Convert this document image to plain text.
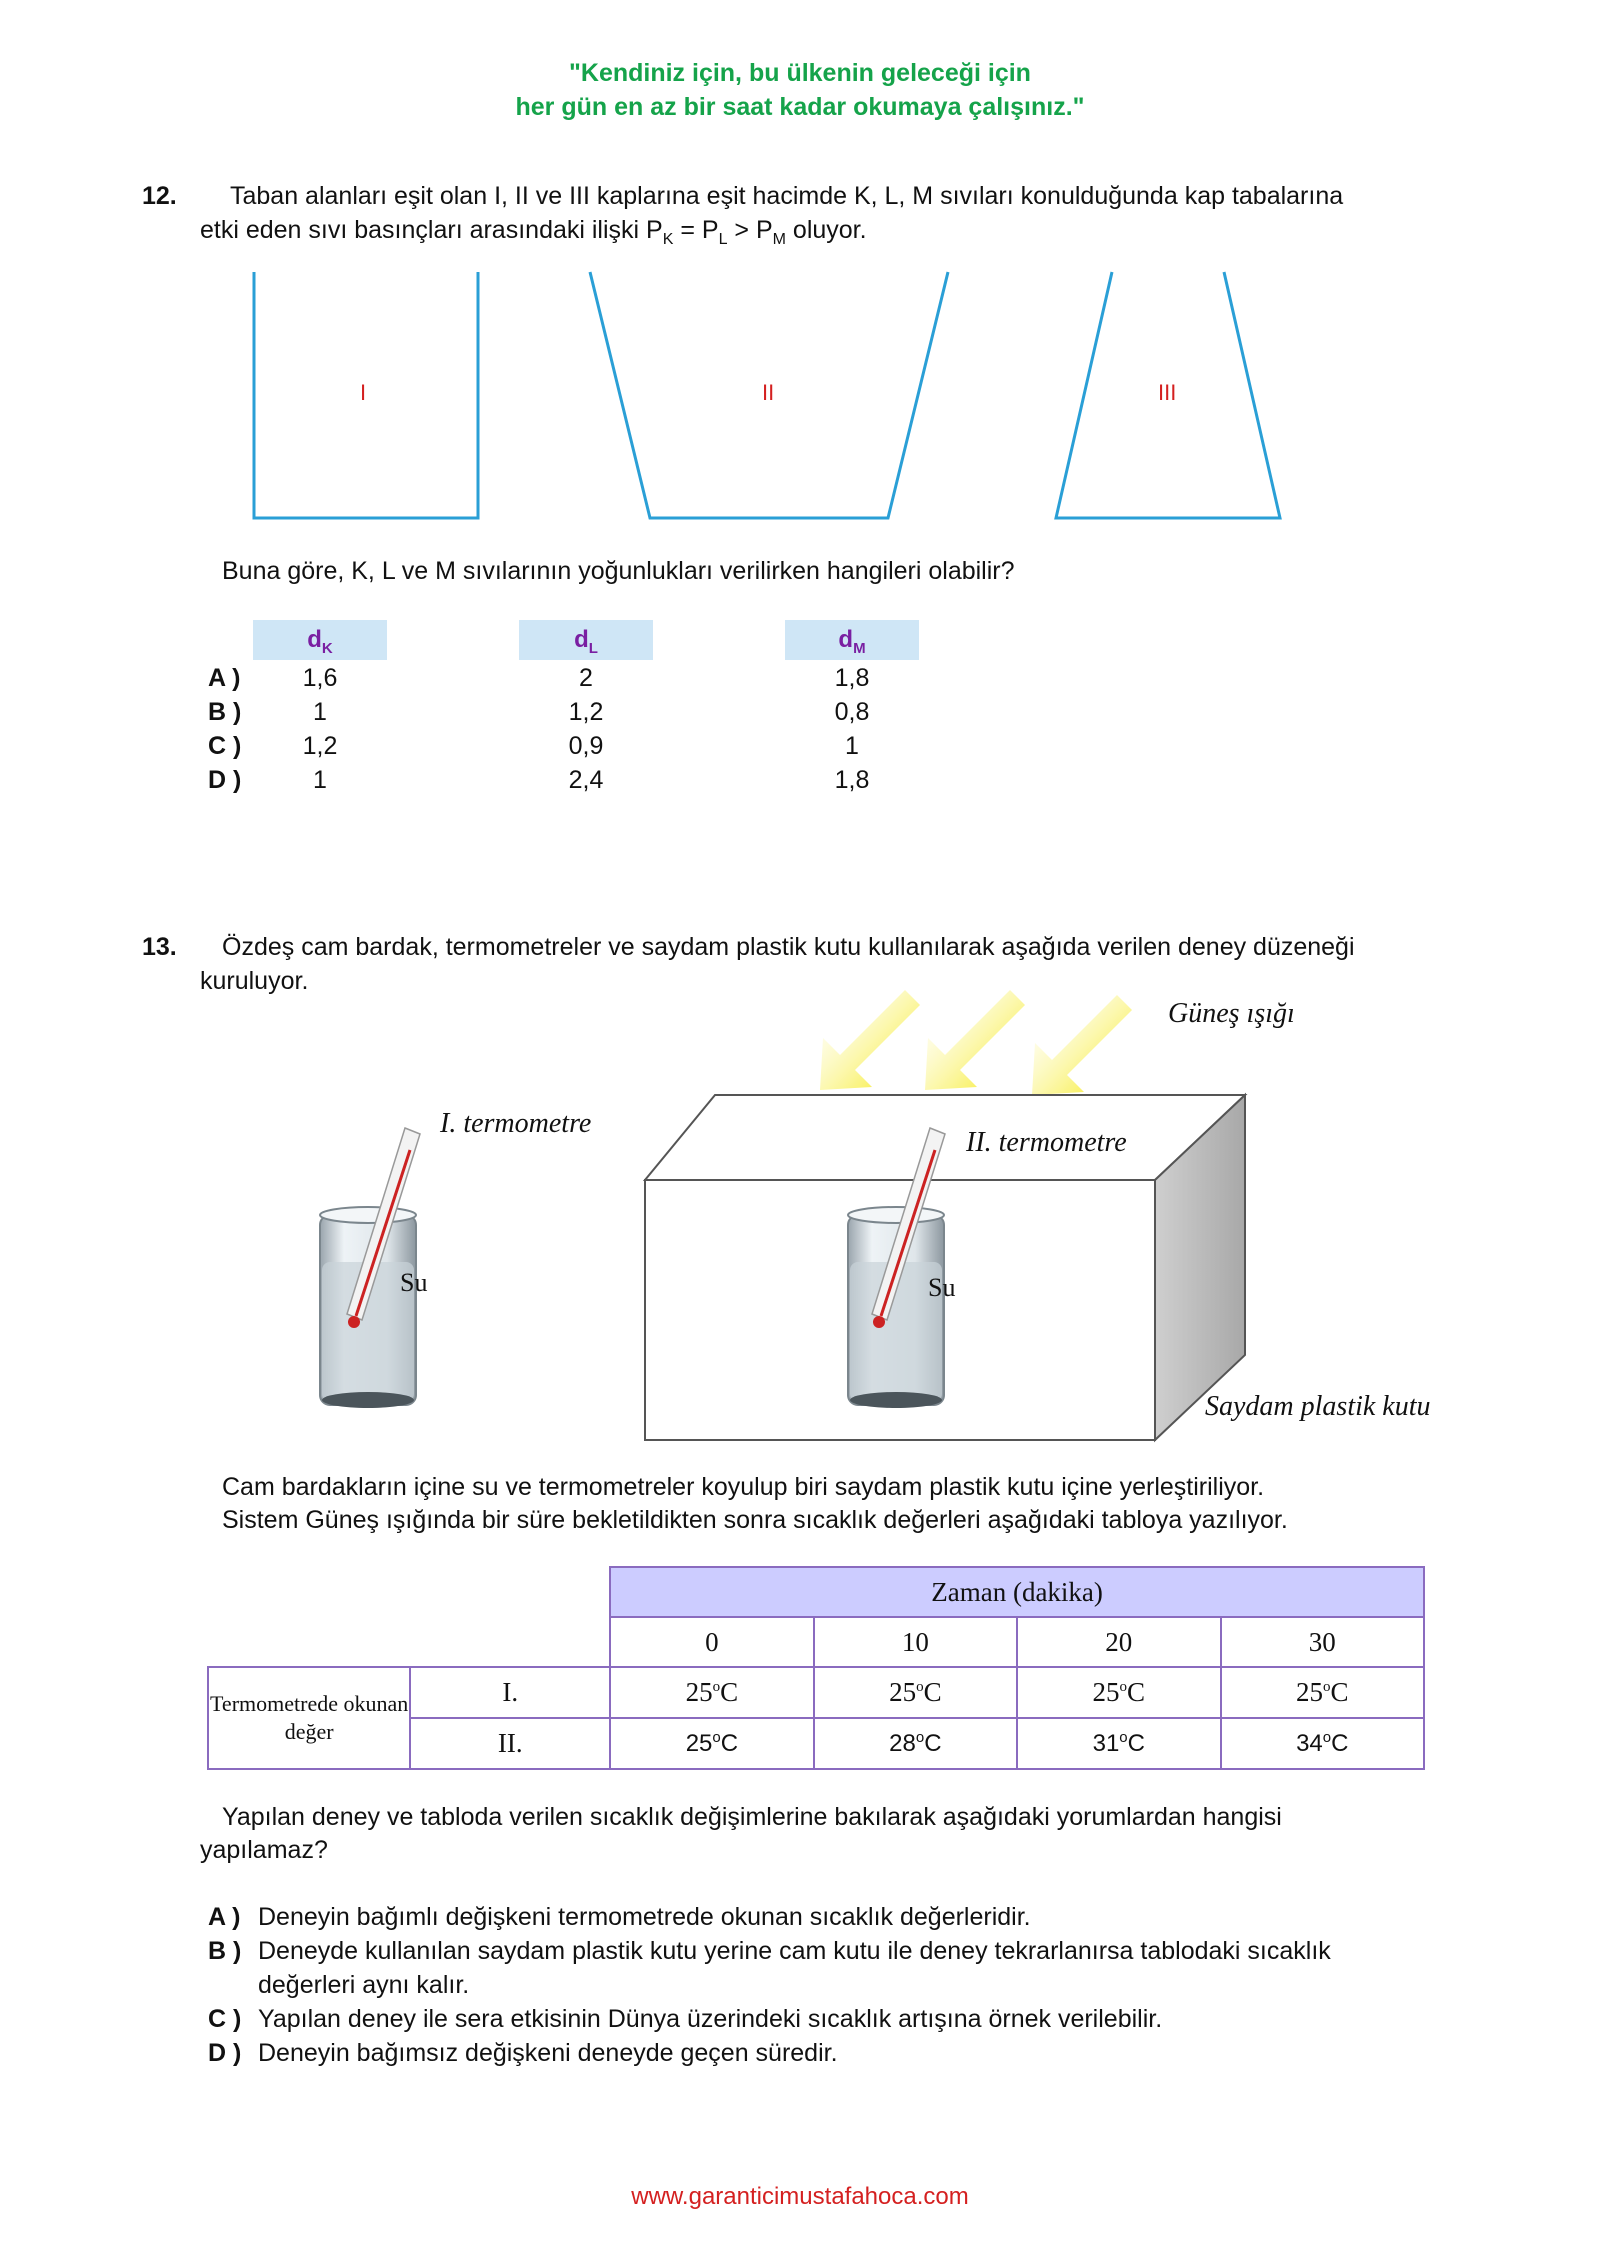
"Kendiniz için, bu ülkenin geleceği için
her gün en az bir saat kadar okumaya çalışınız."
12. Taban alanları eşit olan I, II ve III kaplarına eşit hacimde K, L, M sıvıları konulduğunda kap tabalarına
etki eden sıvı basınçları arasındaki ilişki $P_K = P_L > P_M$ oluyor.
I	II	III
Buna göre, K, L ve M sıvılarının yoğunlukları verilirken hangileri olabilir?
$d_K$	$d_L$	$d_M$
A )	1,6	2	1,8
B )	1	1,2	0,8
C )	1,2	0,9	1
D )	1	2,4	1,8
13. Özdeş cam bardak, termometreler ve saydam plastik kutu kullanılarak aşağıda verilen deney düzeneği
kuruluyor.
Güneş ışığı
I. termometre
II. termometre
Su	Su
Saydam plastik kutu
Cam bardakların içine su ve termometreler koyulup biri saydam plastik kutu içine yerleştiriliyor.
Sistem Güneş ışığında bir süre bekletildikten sonra sıcaklık değerleri aşağıdaki tabloya yazılıyor.
		Zaman (dakika)			
		0	10	20	30
Termometrede okunan değer	I.	25$^o$C	25$^o$C	25$^o$C	25$^o$C
	II.	25$^o$C	28$^o$C	31$^o$C	34$^o$C
Yapılan deney ve tabloda verilen sıcaklık değişimlerine bakılarak aşağıdaki yorumlardan hangisi
yapılamaz?
A ) Deneyin bağımlı değişkeni termometrede okunan sıcaklık değerleridir.
B ) Deneyde kullanılan saydam plastik kutu yerine cam kutu ile deney tekrarlanırsa tablodaki sıcaklık
değerleri aynı kalır.
C ) Yapılan deney ile sera etkisinin Dünya üzerindeki sıcaklık artışına örnek verilebilir.
D ) Deneyin bağımsız değişkeni deneyde geçen süredir.
www.garanticimustafahoca.com
